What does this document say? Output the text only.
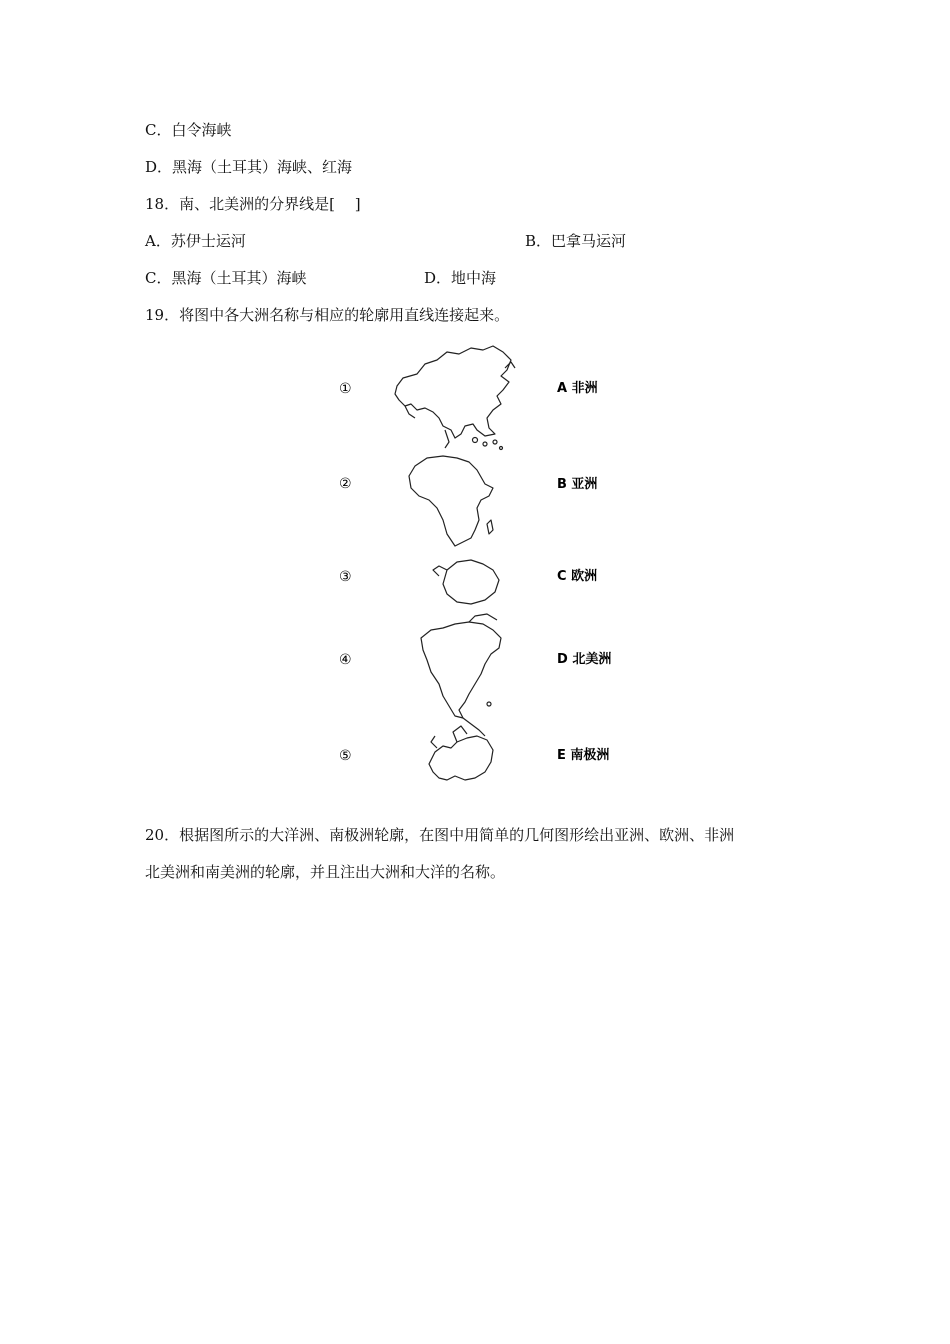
C．白令海峡
D．黑海（土耳其）海峡、红海
18．南、北美洲的分界线是[　 ]
A．苏伊士运河	B．巴拿马运河
C．黑海（土耳其）海峡	D．地中海
19．将图中各大洲名称与相应的轮廓用直线连接起来。
①
②
③
④
⑤
A 非洲
B 亚洲
C 欧洲
D 北美洲
E 南极洲
20．根据图所示的大洋洲、南极洲轮廓，在图中用简单的几何图形绘出亚洲、欧洲、非洲
北美洲和南美洲的轮廓，并且注出大洲和大洋的名称。
